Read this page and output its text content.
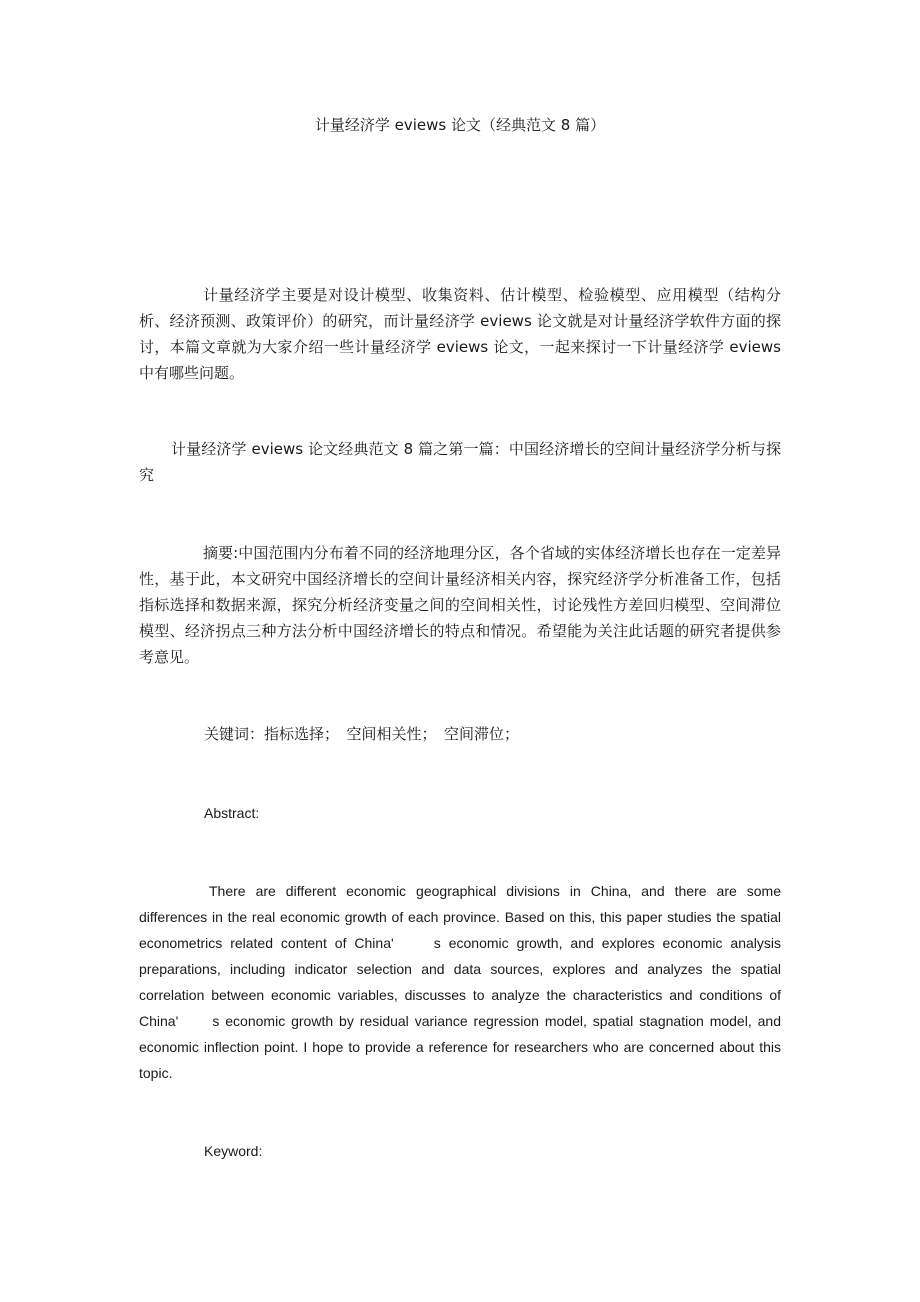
计量经济学 eviews 论文（经典范文 8 篇）

计量经济学主要是对设计模型、收集资料、估计模型、检验模型、应用模型（结构分析、经济预测、政策评价）的研究，而计量经济学 eviews 论文就是对计量经济学软件方面的探讨，本篇文章就为大家介绍一些计量经济学 eviews 论文，一起来探讨一下计量经济学 eviews 中有哪些问题。

计量经济学 eviews 论文经典范文 8 篇之第一篇：中国经济增长的空间计量经济学分析与探究

摘要:中国范围内分布着不同的经济地理分区，各个省域的实体经济增长也存在一定差异性，基于此，本文研究中国经济增长的空间计量经济相关内容，探究经济学分析准备工作，包括指标选择和数据来源，探究分析经济变量之间的空间相关性，讨论残性方差回归模型、空间滞位模型、经济拐点三种方法分析中国经济增长的特点和情况。希望能为关注此话题的研究者提供参考意见。

关键词：指标选择；　空间相关性；　空间滞位；
Abstract:

There are different economic geographical divisions in China, and there are some differences in the real economic growth of each province. Based on this, this paper studies the spatial econometrics related content of China'　　s economic growth, and explores economic analysis preparations, including indicator selection and data sources, explores and analyzes the spatial correlation between economic variables, discusses to analyze the characteristics and conditions of China'　　s economic growth by residual variance regression model, spatial stagnation model, and economic inflection point. I hope to provide a reference for researchers who are concerned about this topic.

Keyword:
